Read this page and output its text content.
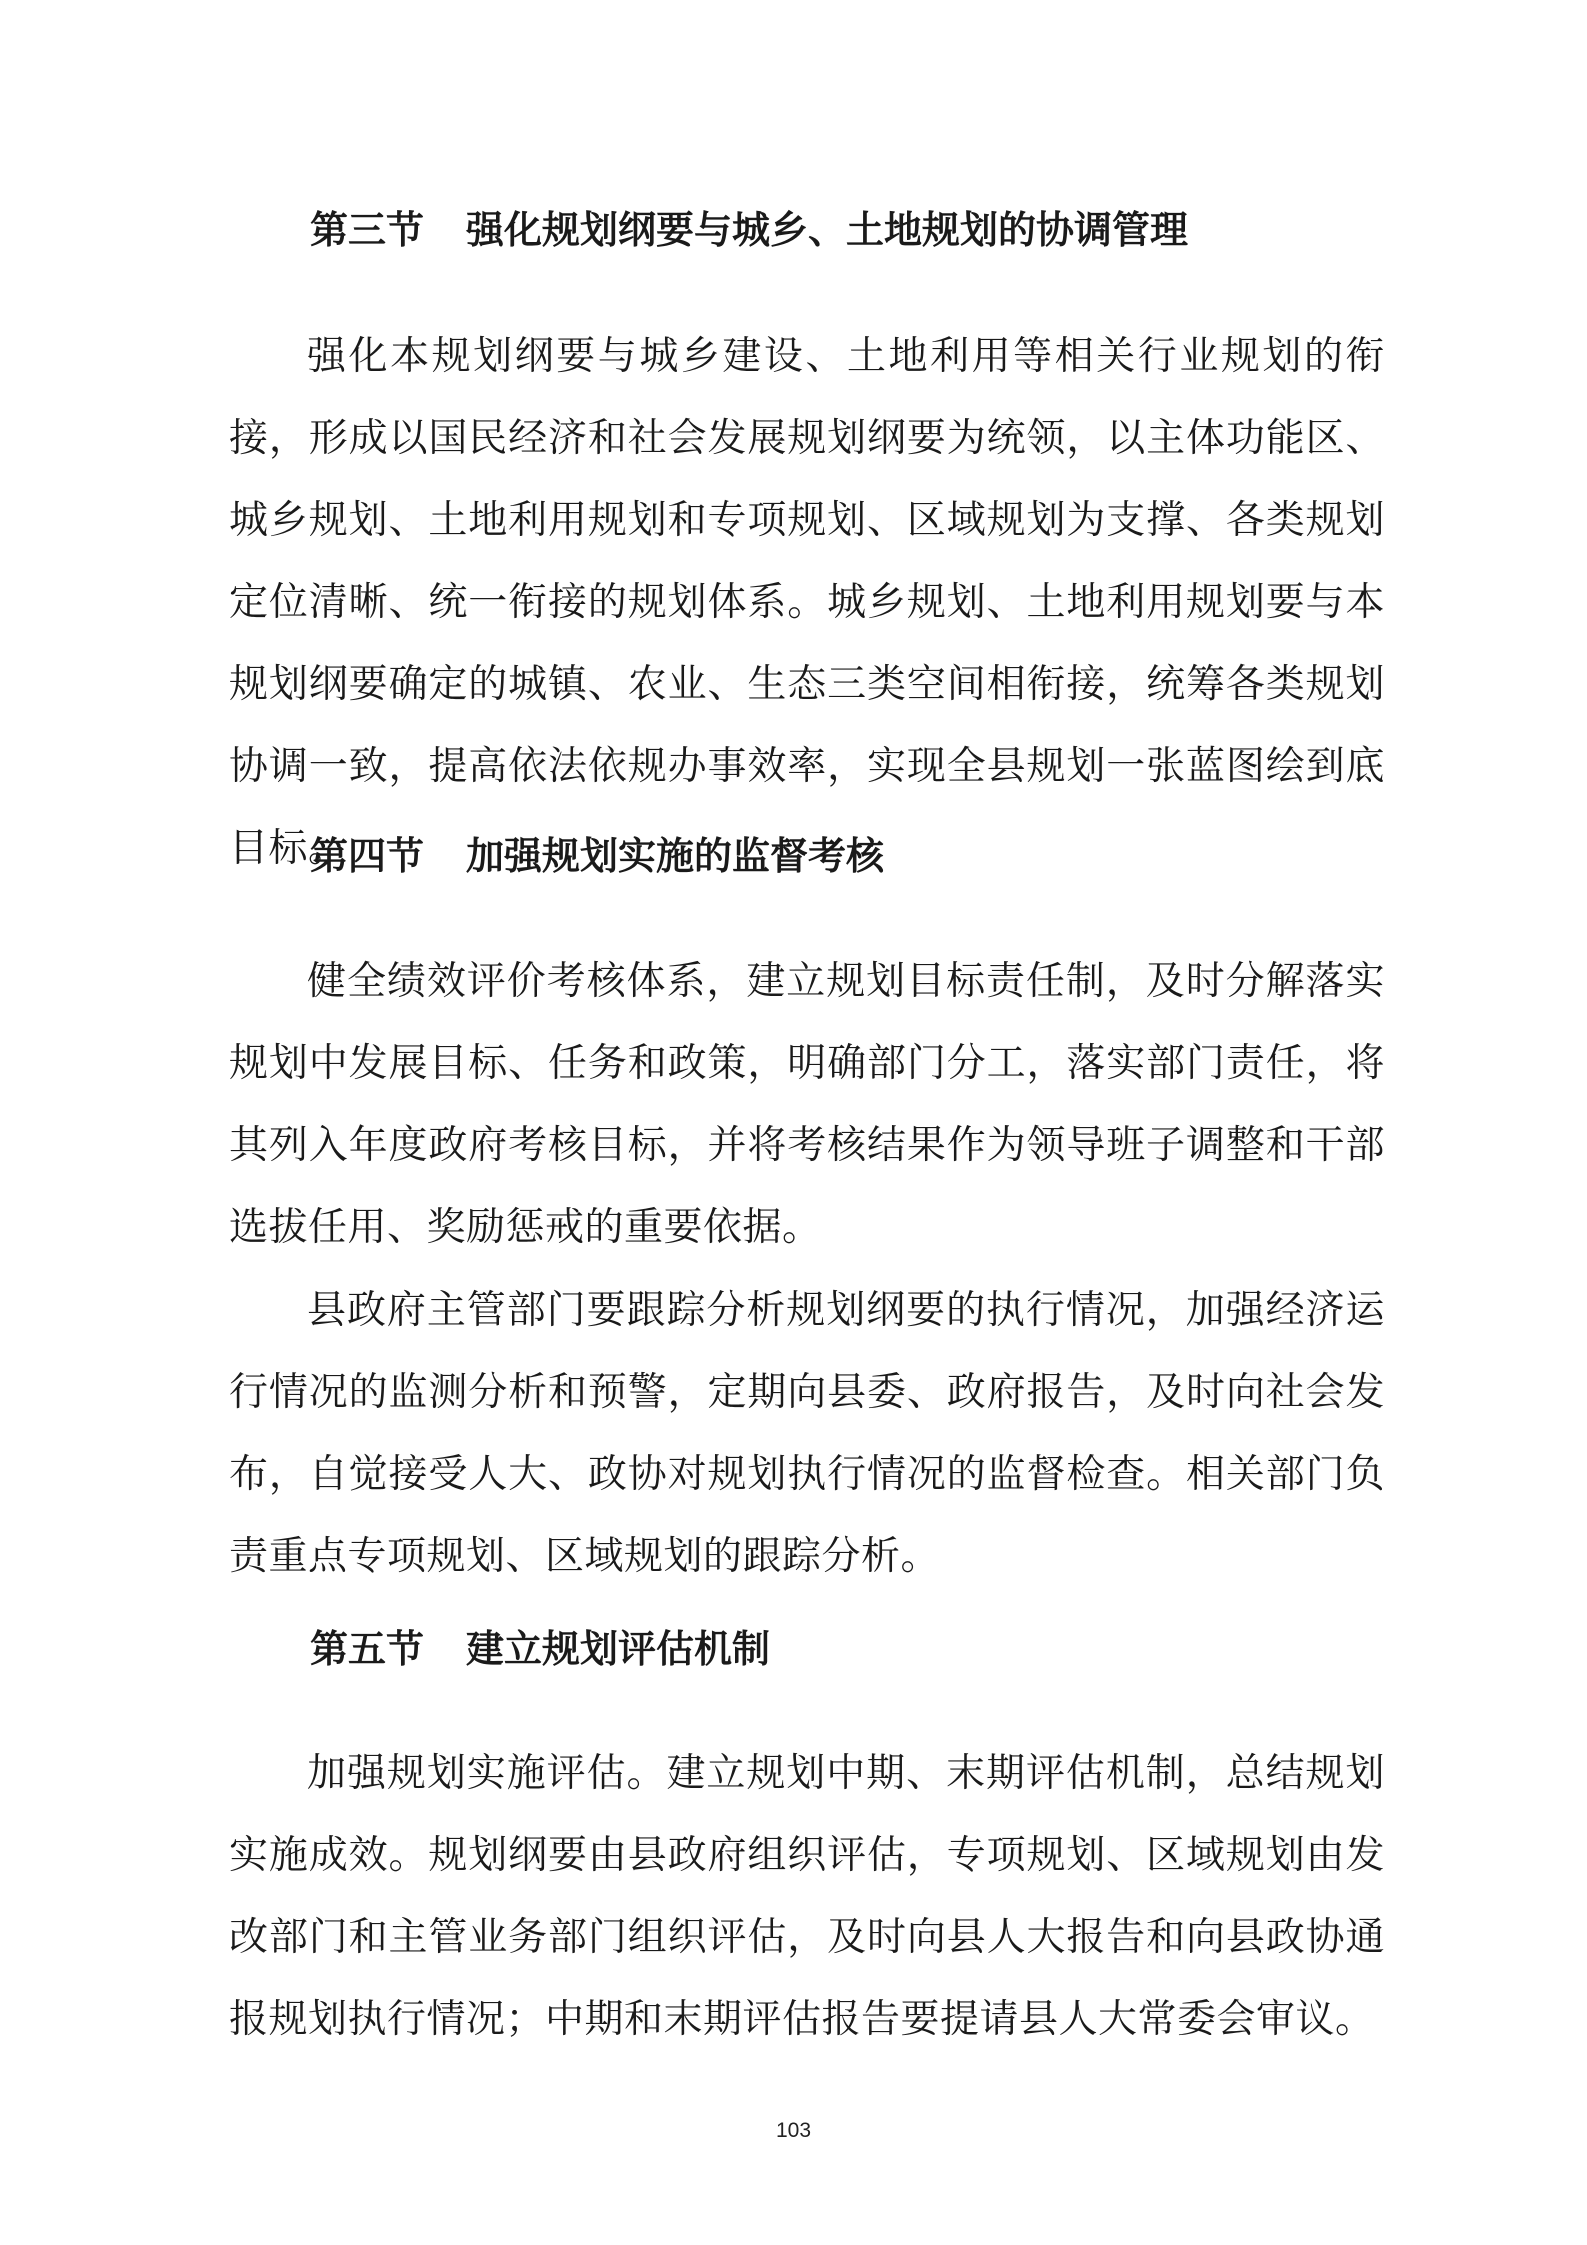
第三节 强化规划纲要与城乡、土地规划的协调管理

强化本规划纲要与城乡建设、土地利用等相关行业规划的衔接，形成以国民经济和社会发展规划纲要为统领，以主体功能区、城乡规划、土地利用规划和专项规划、区域规划为支撑、各类规划定位清晰、统一衔接的规划体系。城乡规划、土地利用规划要与本规划纲要确定的城镇、农业、生态三类空间相衔接，统筹各类规划协调一致，提高依法依规办事效率，实现全县规划一张蓝图绘到底目标。

第四节 加强规划实施的监督考核

健全绩效评价考核体系，建立规划目标责任制，及时分解落实规划中发展目标、任务和政策，明确部门分工，落实部门责任，将其列入年度政府考核目标，并将考核结果作为领导班子调整和干部选拔任用、奖励惩戒的重要依据。

县政府主管部门要跟踪分析规划纲要的执行情况，加强经济运行情况的监测分析和预警，定期向县委、政府报告，及时向社会发布，自觉接受人大、政协对规划执行情况的监督检查。相关部门负责重点专项规划、区域规划的跟踪分析。

第五节 建立规划评估机制

加强规划实施评估。建立规划中期、末期评估机制，总结规划实施成效。规划纲要由县政府组织评估，专项规划、区域规划由发改部门和主管业务部门组织评估，及时向县人大报告和向县政协通报规划执行情况；中期和末期评估报告要提请县人大常委会审议。

103
